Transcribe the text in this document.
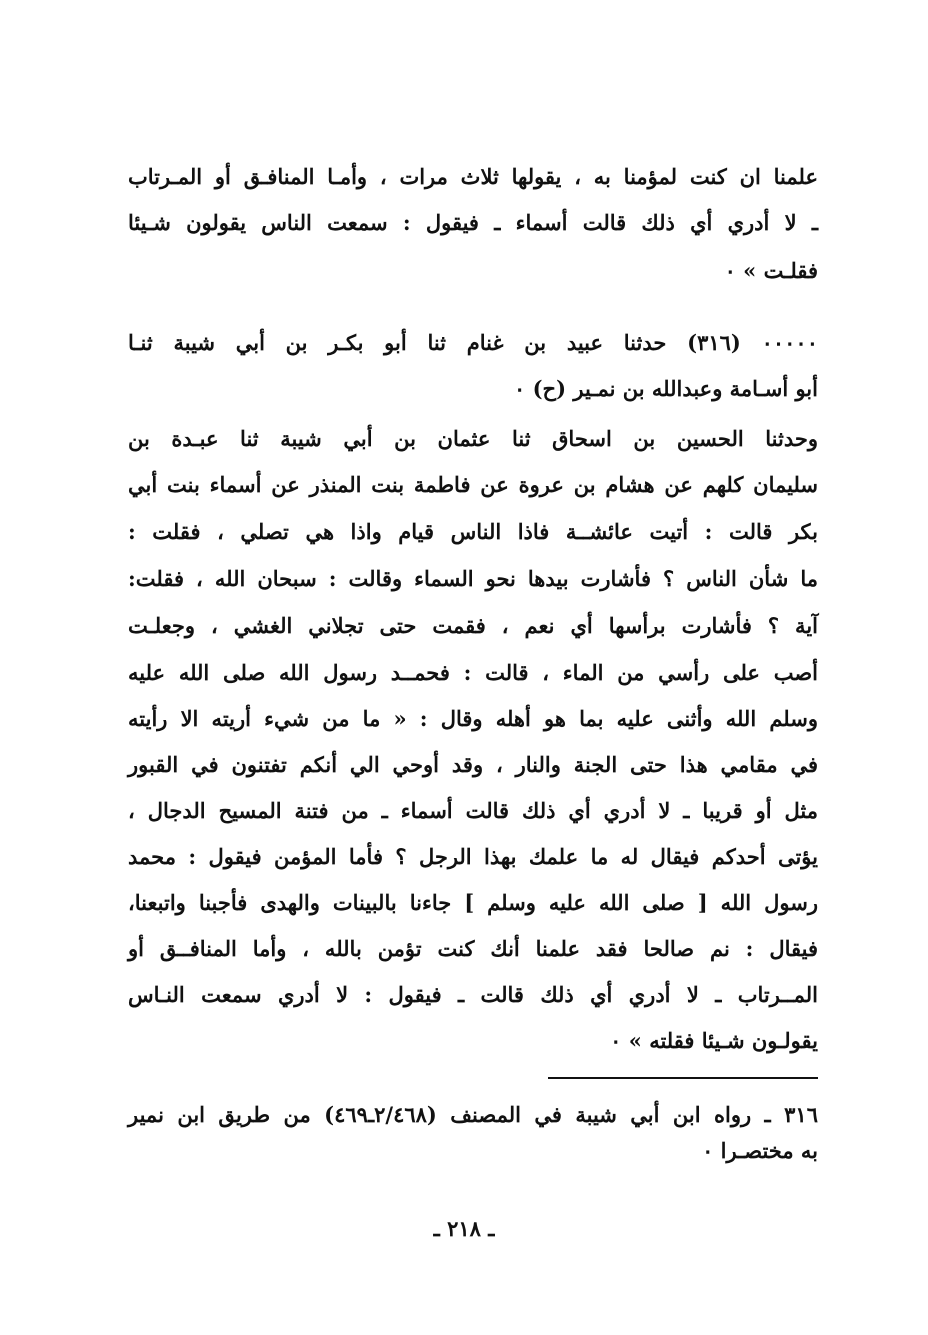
علمنا ان كنت لمؤمنا به ، يقولها ثلاث مرات ، وأمـا المنافـق أو المـرتاب
ـ لا أدري أي ذلك قالت أسماء ـ فيقول : سمعت الناس يقولون شـيئا
فقلـت » ٠
٠٠٠٠٠ (٣١٦) حدثنا عبيد بن غنام ثنا أبو بكـر بن أبي شيبة ثنـا
أبو أسـامة وعبدالله بن نمـير (ح) ٠
وحدثنا الحسين بن اسحاق ثنا عثمان بن أبي شيبة ثنا عبـدة بن
سليمان كلهم عن هشام بن عروة عن فاطمة بنت المنذر عن أسماء بنت أبي
بكر قالت : أتيت عائشــة فاذا الناس قيام واذا هي تصلي ، فقلت :
ما شأن الناس ؟ فأشارت بيدها نحو السماء وقالت : سبحان الله ، فقلت:
آية ؟ فأشارت برأسها أي نعم ، فقمت حتى تجلاني الغشي ، وجعلـت
أصب على رأسي من الماء ، قالت : فحمــد رسول الله صلى الله عليه
وسلم الله وأثنى عليه بما هو أهله وقال : « ما من شيء أريته الا رأيته
في مقامي هذا حتى الجنة والنار ، وقد أوحي الي أنكم تفتنون في القبور
مثل أو قريبا ـ لا أدري أي ذلك قالت أسماء ـ من فتنة المسيح الدجال ،
يؤتى أحدكم فيقال له ما علمك بهذا الرجل ؟ فأما المؤمن فيقول : محمد
رسول الله [ صلى الله عليه وسلم ] جاءنا بالبينات والهدى فأجبنا واتبعنا،
فيقال : نم صالحا فقد علمنا أنك كنت تؤمن بالله ، وأما المنافــق أو
المــرتاب ـ لا أدري أي ذلك قالت ـ فيقول : لا أدري سمعت النـاس
يقولـون شـيئا فقلته » ٠
٣١٦ ـ رواه ابن أبي شيبة في المصنف (٢/٤٦٨ـ٤٦٩) من طريق ابن نمير
به مختصـرا ٠
ـ ٢١٨ ـ
